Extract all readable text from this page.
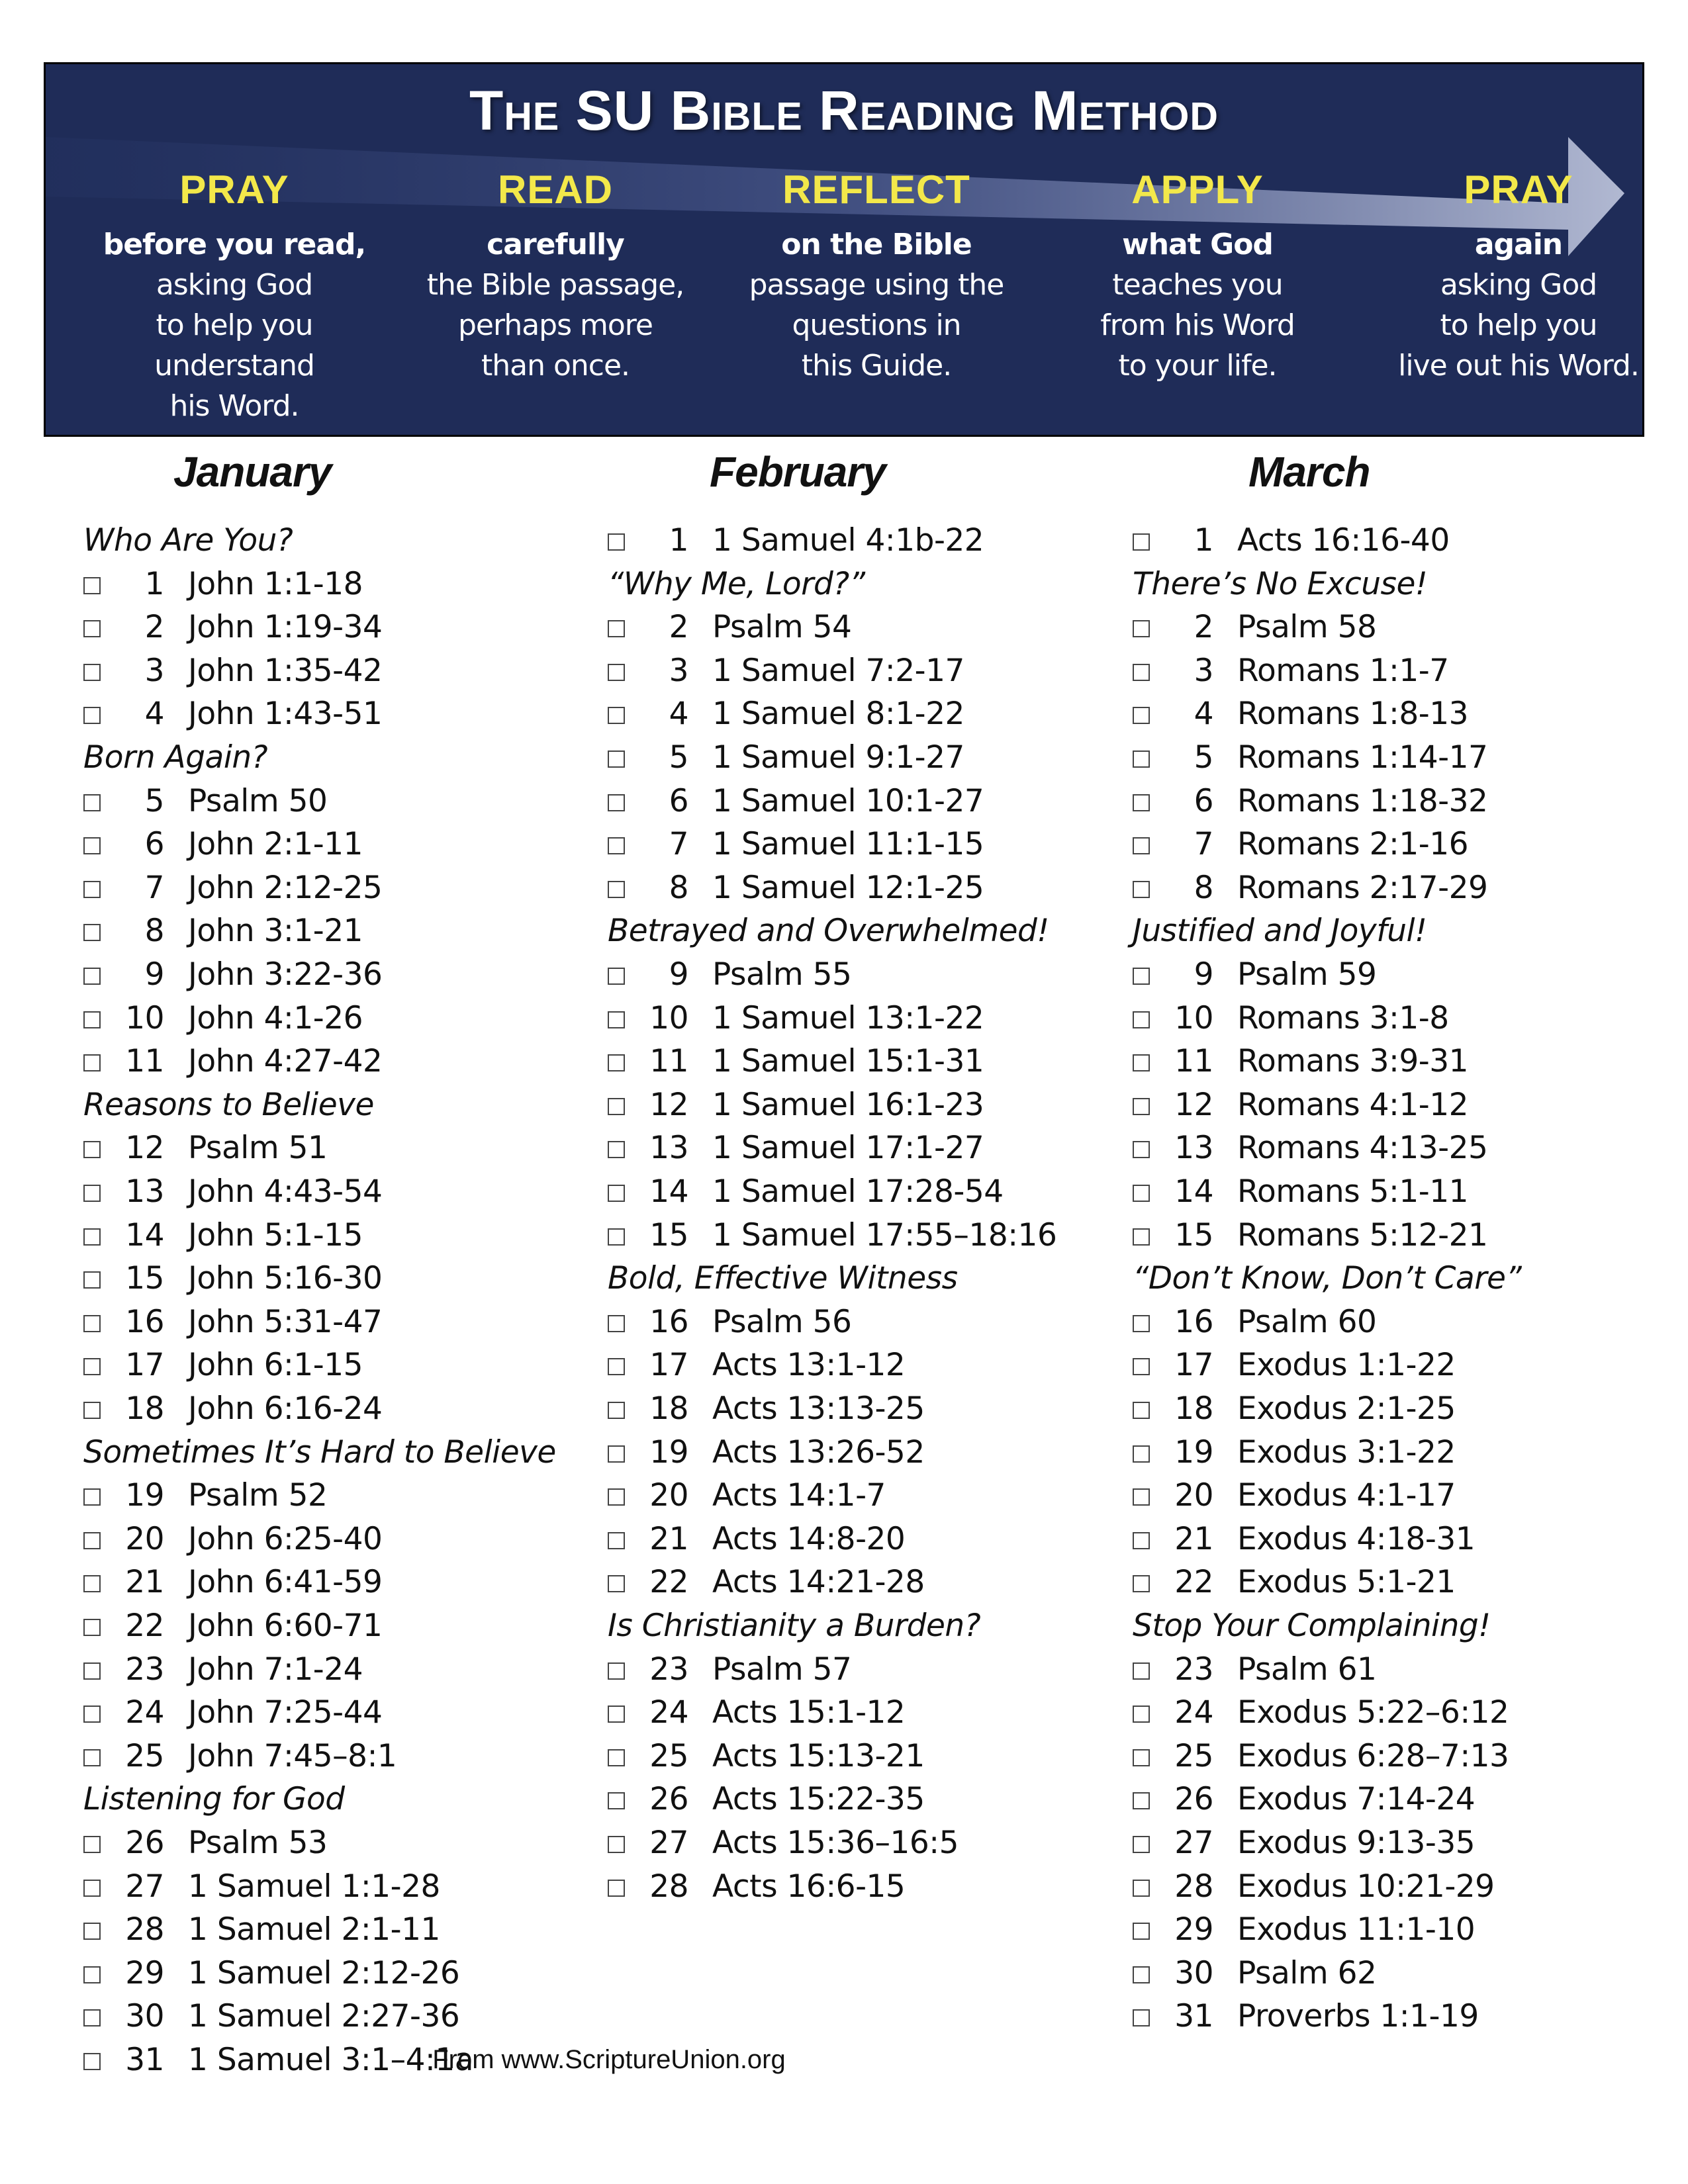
The SU Bible Reading Method
PRAY
before you read,
asking God
to help you
understand
his Word.
READ
carefully
the Bible passage,
perhaps more
than once.
REFLECT
on the Bible
passage using the
questions in
this Guide.
APPLY
what God
teaches you
from his Word
to your life.
PRAY
again
asking God
to help you
live out his Word.
January
Who Are You?
1 John 1:1-18
2 John 1:19-34
3 John 1:35-42
4 John 1:43-51
Born Again?
5 Psalm 50
6 John 2:1-11
7 John 2:12-25
8 John 3:1-21
9 John 3:22-36
10 John 4:1-26
11 John 4:27-42
Reasons to Believe
12 Psalm 51
13 John 4:43-54
14 John 5:1-15
15 John 5:16-30
16 John 5:31-47
17 John 6:1-15
18 John 6:16-24
Sometimes It’s Hard to Believe
19 Psalm 52
20 John 6:25-40
21 John 6:41-59
22 John 6:60-71
23 John 7:1-24
24 John 7:25-44
25 John 7:45–8:1
Listening for God
26 Psalm 53
27 1 Samuel 1:1-28
28 1 Samuel 2:1-11
29 1 Samuel 2:12-26
30 1 Samuel 2:27-36
31 1 Samuel 3:1–4:1a
February
1 1 Samuel 4:1b-22
“Why Me, Lord?”
2 Psalm 54
3 1 Samuel 7:2-17
4 1 Samuel 8:1-22
5 1 Samuel 9:1-27
6 1 Samuel 10:1-27
7 1 Samuel 11:1-15
8 1 Samuel 12:1-25
Betrayed and Overwhelmed!
9 Psalm 55
10 1 Samuel 13:1-22
11 1 Samuel 15:1-31
12 1 Samuel 16:1-23
13 1 Samuel 17:1-27
14 1 Samuel 17:28-54
15 1 Samuel 17:55–18:16
Bold, Effective Witness
16 Psalm 56
17 Acts 13:1-12
18 Acts 13:13-25
19 Acts 13:26-52
20 Acts 14:1-7
21 Acts 14:8-20
22 Acts 14:21-28
Is Christianity a Burden?
23 Psalm 57
24 Acts 15:1-12
25 Acts 15:13-21
26 Acts 15:22-35
27 Acts 15:36–16:5
28 Acts 16:6-15
March
1 Acts 16:16-40
There’s No Excuse!
2 Psalm 58
3 Romans 1:1-7
4 Romans 1:8-13
5 Romans 1:14-17
6 Romans 1:18-32
7 Romans 2:1-16
8 Romans 2:17-29
Justified and Joyful!
9 Psalm 59
10 Romans 3:1-8
11 Romans 3:9-31
12 Romans 4:1-12
13 Romans 4:13-25
14 Romans 5:1-11
15 Romans 5:12-21
“Don’t Know, Don’t Care”
16 Psalm 60
17 Exodus 1:1-22
18 Exodus 2:1-25
19 Exodus 3:1-22
20 Exodus 4:1-17
21 Exodus 4:18-31
22 Exodus 5:1-21
Stop Your Complaining!
23 Psalm 61
24 Exodus 5:22–6:12
25 Exodus 6:28–7:13
26 Exodus 7:14-24
27 Exodus 9:13-35
28 Exodus 10:21-29
29 Exodus 11:1-10
30 Psalm 62
31 Proverbs 1:1-19
From www.ScriptureUnion.org
